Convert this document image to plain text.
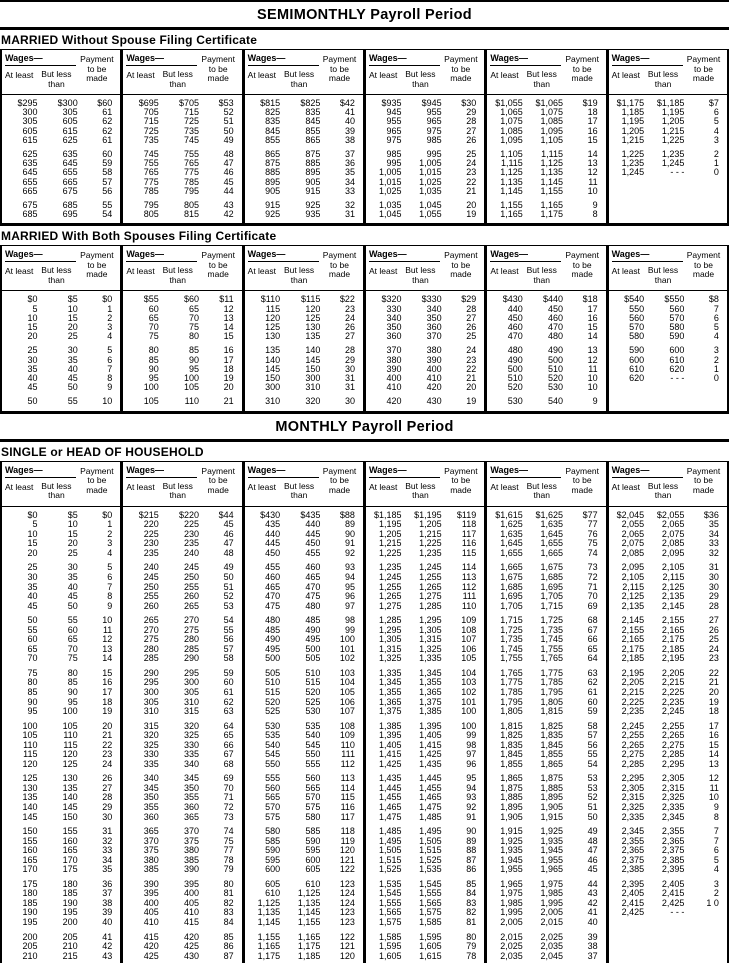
SEMIMONTHLY Payroll Period
MARRIED Without Spouse Filing Certificate
Wages—	Payment
to be
made
At least But less
than
$295	$300	$60
300	305	61
305	605	62
605	615	62
615	625	61
625	635	60
635	645	59
645	655	58
655	665	57
665	675	56
675	685	55
685	695	54
Wages—	Payment
to be
made
At least But less
than
$695	$705	$53
705	715	52
715	725	51
725	735	50
735	745	49
745	755	48
755	765	47
765	775	46
775	785	45
785	795	44
795	805	43
805	815	42
Wages—	Payment
to be
made
At least But less
than
$815	$825	$42
825	835	41
835	845	40
845	855	39
855	865	38
865	875	37
875	885	36
885	895	35
895	905	34
905	915	33
915	925	32
925	935	31
Wages—	Payment
to be
made
At least But less
than
$935	$945	$30
945	955	29
955	965	28
965	975	27
975	985	26
985	995	25
995	1,005	24
1,005	1,015	23
1,015	1,025	22
1,025	1,035	21
1,035	1,045	20
1,045	1,055	19
Wages—	Payment
to be
made
At least But less
than
$1,055	$1,065	$19
1,065	1,075	18
1,075	1,085	17
1,085	1,095	16
1,095	1,105	15
1,105	1,115	14
1,115	1,125	13
1,125	1,135	12
1,135	1,145	11
1,145	1,155	10
1,155	1,165	9
1,165	1,175	8
Wages—	Payment
to be
made
At least But less
than
$1,175	$1,185	$7
1,185	1,195	6
1,195	1,205	5
1,205	1,215	4
1,215	1,225	3
1,225	1,235	2
1,235	1,245	1
1,245	- - -	0
MARRIED With Both Spouses Filing Certificate
Wages—	Payment
to be
made
At least But less
than
$0	$5	$0
5	10	1
10	15	2
15	20	3
20	25	4
25	30	5
30	35	6
35	40	7
40	45	8
45	50	9
50	55	10
Wages—	Payment
to be
made
At least But less
than
$55	$60	$11
60	65	12
65	70	13
70	75	14
75	80	15
80	85	16
85	90	17
90	95	18
95	100	19
100	105	20
105	110	21
Wages—	Payment
to be
made
At least But less
than
$110	$115	$22
115	120	23
120	125	24
125	130	26
130	135	27
135	140	28
140	145	29
145	150	30
150	300	31
300	310	31
310	320	30
Wages—	Payment
to be
made
At least But less
than
$320	$330	$29
330	340	28
340	350	27
350	360	26
360	370	25
370	380	24
380	390	23
390	400	22
400	410	21
410	420	20
420	430	19
Wages—	Payment
to be
made
At least But less
than
$430	$440	$18
440	450	17
450	460	16
460	470	15
470	480	14
480	490	13
490	500	12
500	510	11
510	520	10
520	530	10
530	540	9
Wages—	Payment
to be
made
At least But less
than
$540	$550	$8
550	560	7
560	570	6
570	580	5
580	590	4
590	600	3
600	610	2
610	620	1
620	- - -	0
MONTHLY Payroll Period
SINGLE or HEAD OF HOUSEHOLD
Wages—	Payment
to be
made
At least But less
than
$0	$5	$0
5	10	1
10	15	2
15	20	3
20	25	4
25	30	5
30	35	6
35	40	7
40	45	8
45	50	9
50	55	10
55	60	11
60	65	12
65	70	13
70	75	14
75	80	15
80	85	16
85	90	17
90	95	18
95	100	19
100	105	20
105	110	21
110	115	22
115	120	23
120	125	24
125	130	26
130	135	27
135	140	28
140	145	29
145	150	30
150	155	31
155	160	32
160	165	33
165	170	34
170	175	35
175	180	36
180	185	37
185	190	38
190	195	39
195	200	40
200	205	41
205	210	42
210	215	43
Wages—	Payment
to be
made
At least But less
than
$215	$220	$44
220	225	45
225	230	46
230	235	47
235	240	48
240	245	49
245	250	50
250	255	51
255	260	52
260	265	53
265	270	54
270	275	55
275	280	56
280	285	57
285	290	58
290	295	59
295	300	60
300	305	61
305	310	62
310	315	63
315	320	64
320	325	65
325	330	66
330	335	67
335	340	68
340	345	69
345	350	70
350	355	71
355	360	72
360	365	73
365	370	74
370	375	75
375	380	77
380	385	78
385	390	79
390	395	80
395	400	81
400	405	82
405	410	83
410	415	84
415	420	85
420	425	86
425	430	87
Wages—	Payment
to be
made
At least But less
than
$430	$435	$88
435	440	89
440	445	90
445	450	91
450	455	92
455	460	93
460	465	94
465	470	95
470	475	96
475	480	97
480	485	98
485	490	99
490	495	100
495	500	101
500	505	102
505	510	103
510	515	104
515	520	105
520	525	106
525	530	107
530	535	108
535	540	109
540	545	110
545	550	111
550	555	112
555	560	113
560	565	114
565	570	115
570	575	116
575	580	117
580	585	118
585	590	119
590	595	120
595	600	121
600	605	122
605	610	123
610	1,125	124
1,125	1,135	124
1,135	1,145	123
1,145	1,155	123
1,155	1,165	122
1,165	1,175	121
1,175	1,185	120
Wages—	Payment
to be
made
At least But less
than
$1,185	$1,195	$119
1,195	1,205	118
1,205	1,215	117
1,215	1,225	116
1,225	1,235	115
1,235	1,245	114
1,245	1,255	113
1,255	1,265	112
1,265	1,275	111
1,275	1,285	110
1,285	1,295	109
1,295	1,305	108
1,305	1,315	107
1,315	1,325	106
1,325	1,335	105
1,335	1,345	104
1,345	1,355	103
1,355	1,365	102
1,365	1,375	101
1,375	1,385	100
1,385	1,395	100
1,395	1,405	99
1,405	1,415	98
1,415	1,425	97
1,425	1,435	96
1,435	1,445	95
1,445	1,455	94
1,455	1,465	93
1,465	1,475	92
1,475	1,485	91
1,485	1,495	90
1,495	1,505	89
1,505	1,515	88
1,515	1,525	87
1,525	1,535	86
1,535	1,545	85
1,545	1,555	84
1,555	1,565	83
1,565	1,575	82
1,575	1,585	81
1,585	1,595	80
1,595	1,605	79
1,605	1,615	78
Wages—	Payment
to be
made
At least But less
than
$1,615	$1,625	$77
1,625	1,635	77
1,635	1,645	76
1,645	1,655	75
1,655	1,665	74
1,665	1,675	73
1,675	1,685	72
1,685	1,695	71
1,695	1,705	70
1,705	1,715	69
1,715	1,725	68
1,725	1,735	67
1,735	1,745	66
1,745	1,755	65
1,755	1,765	64
1,765	1,775	63
1,775	1,785	62
1,785	1,795	61
1,795	1,805	60
1,805	1,815	59
1,815	1,825	58
1,825	1,835	57
1,835	1,845	56
1,845	1,855	55
1,855	1,865	54
1,865	1,875	53
1,875	1,885	53
1,885	1,895	52
1,895	1,905	51
1,905	1,915	50
1,915	1,925	49
1,925	1,935	48
1,935	1,945	47
1,945	1,955	46
1,955	1,965	45
1,965	1,975	44
1,975	1,985	43
1,985	1,995	42
1,995	2,005	41
2,005	2,015	40
2,015	2,025	39
2,025	2,035	38
2,035	2,045	37
Wages—	Payment
to be
made
At least But less
than
$2,045	$2,055	$36
2,055	2,065	35
2,065	2,075	34
2,075	2,085	33
2,085	2,095	32
2,095	2,105	31
2,105	2,115	30
2,115	2,125	30
2,125	2,135	29
2,135	2,145	28
2,145	2,155	27
2,155	2,165	26
2,165	2,175	25
2,175	2,185	24
2,185	2,195	23
2,195	2,205	22
2,205	2,215	21
2,215	2,225	20
2,225	2,235	19
2,235	2,245	18
2,245	2,255	17
2,255	2,265	16
2,265	2,275	15
2,275	2,285	14
2,285	2,295	13
2,295	2,305	12
2,305	2,315	11
2,315	2,325	10
2,325	2,335	9
2,335	2,345	8
2,345	2,355	7
2,355	2,365	7
2,365	2,375	6
2,375	2,385	5
2,385	2,395	4
2,395	2,405	3
2,405	2,415	2
2,415	2,425	1 0
2,425	- - -
